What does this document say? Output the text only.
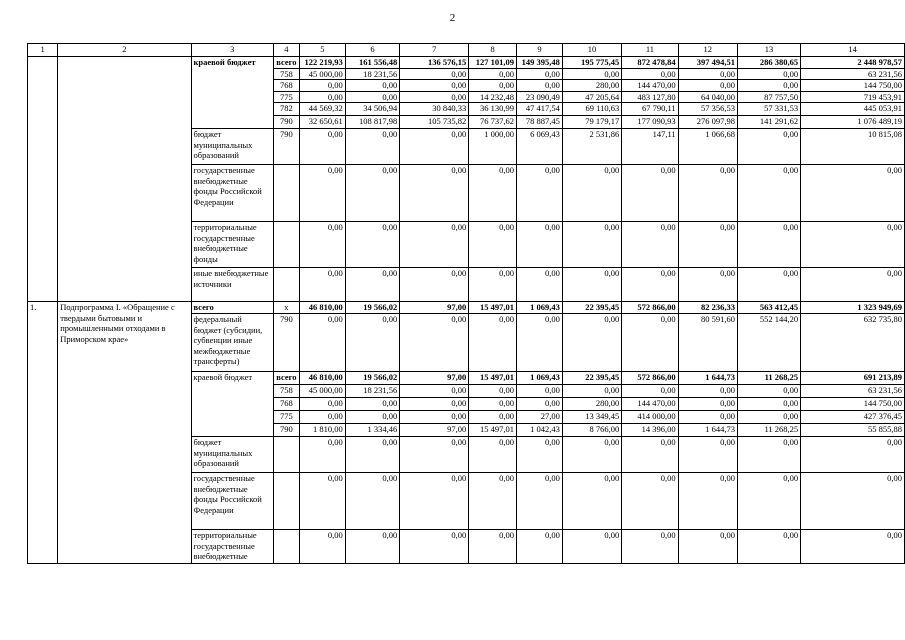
2
1	2	3	4	5	6	7	8	9	10	11	12	13	14
		краевой бюджет	всего	122 219,93	161 556,48	136 576,15	127 101,09	149 395,48	195 775,45	872 478,84	397 494,51	286 380,65	2 448 978,57
			758	45 000,00	18 231,56	0,00	0,00	0,00	0,00	0,00	0,00	0,00	63 231,56
			768	0,00	0,00	0,00	0,00	0,00	280,00	144 470,00	0,00	0,00	144 750,00
			775	0,00	0,00	0,00	14 232,48	23 090,49	47 205,64	483 127,80	64 040,00	87 757,50	719 453,91
			782	44 569,32	34 506,94	30 840,33	36 130,99	47 417,54	69 110,63	67 790,11	57 356,53	57 331,53	445 053,91
			790	32 650,61	108 817,98	105 735,82	76 737,62	78 887,45	79 179,17	177 090,93	276 097,98	141 291,62	1 076 489,19
		бюджет муниципальных образований	790	0,00	0,00	0,00	1 000,00	6 069,43	2 531,86	147,11	1 066,68	0,00	10 815,08
		государственные внебюджетные фонды Российской Федерации		0,00	0,00	0,00	0,00	0,00	0,00	0,00	0,00	0,00	0,00
		территориальные государственные внебюджетные фонды		0,00	0,00	0,00	0,00	0,00	0,00	0,00	0,00	0,00	0,00
		иные внебюджетные источники		0,00	0,00	0,00	0,00	0,00	0,00	0,00	0,00	0,00	0,00
1.	Подпрограмма I. «Обращение с твердыми бытовыми и промышленными отходами в Приморском крае»	всего	х	46 810,00	19 566,02	97,00	15 497,01	1 069,43	22 395,45	572 866,00	82 236,33	563 412,45	1 323 949,69
		федеральный бюджет (субсидии, субвенции иные межбюджетные трансферты)	790	0,00	0,00	0,00	0,00	0,00	0,00	0,00	80 591,60	552 144,20	632 735,80
		краевой бюджет	всего	46 810,00	19 566,02	97,00	15 497,01	1 069,43	22 395,45	572 866,00	1 644,73	11 268,25	691 213,89
			758	45 000,00	18 231,56	0,00	0,00	0,00	0,00	0,00	0,00	0,00	63 231,56
			768	0,00	0,00	0,00	0,00	0,00	280,00	144 470,00	0,00	0,00	144 750,00
			775	0,00	0,00	0,00	0,00	27,00	13 349,45	414 000,00	0,00	0,00	427 376,45
			790	1 810,00	1 334,46	97,00	15 497,01	1 042,43	8 766,00	14 396,00	1 644,73	11 268,25	55 855,88
		бюджет муниципальных образований		0,00	0,00	0,00	0,00	0,00	0,00	0,00	0,00	0,00	0,00
		государственные внебюджетные фонды Российской Федерации		0,00	0,00	0,00	0,00	0,00	0,00	0,00	0,00	0,00	0,00
		территориальные государственные внебюджетные		0,00	0,00	0,00	0,00	0,00	0,00	0,00	0,00	0,00	0,00
